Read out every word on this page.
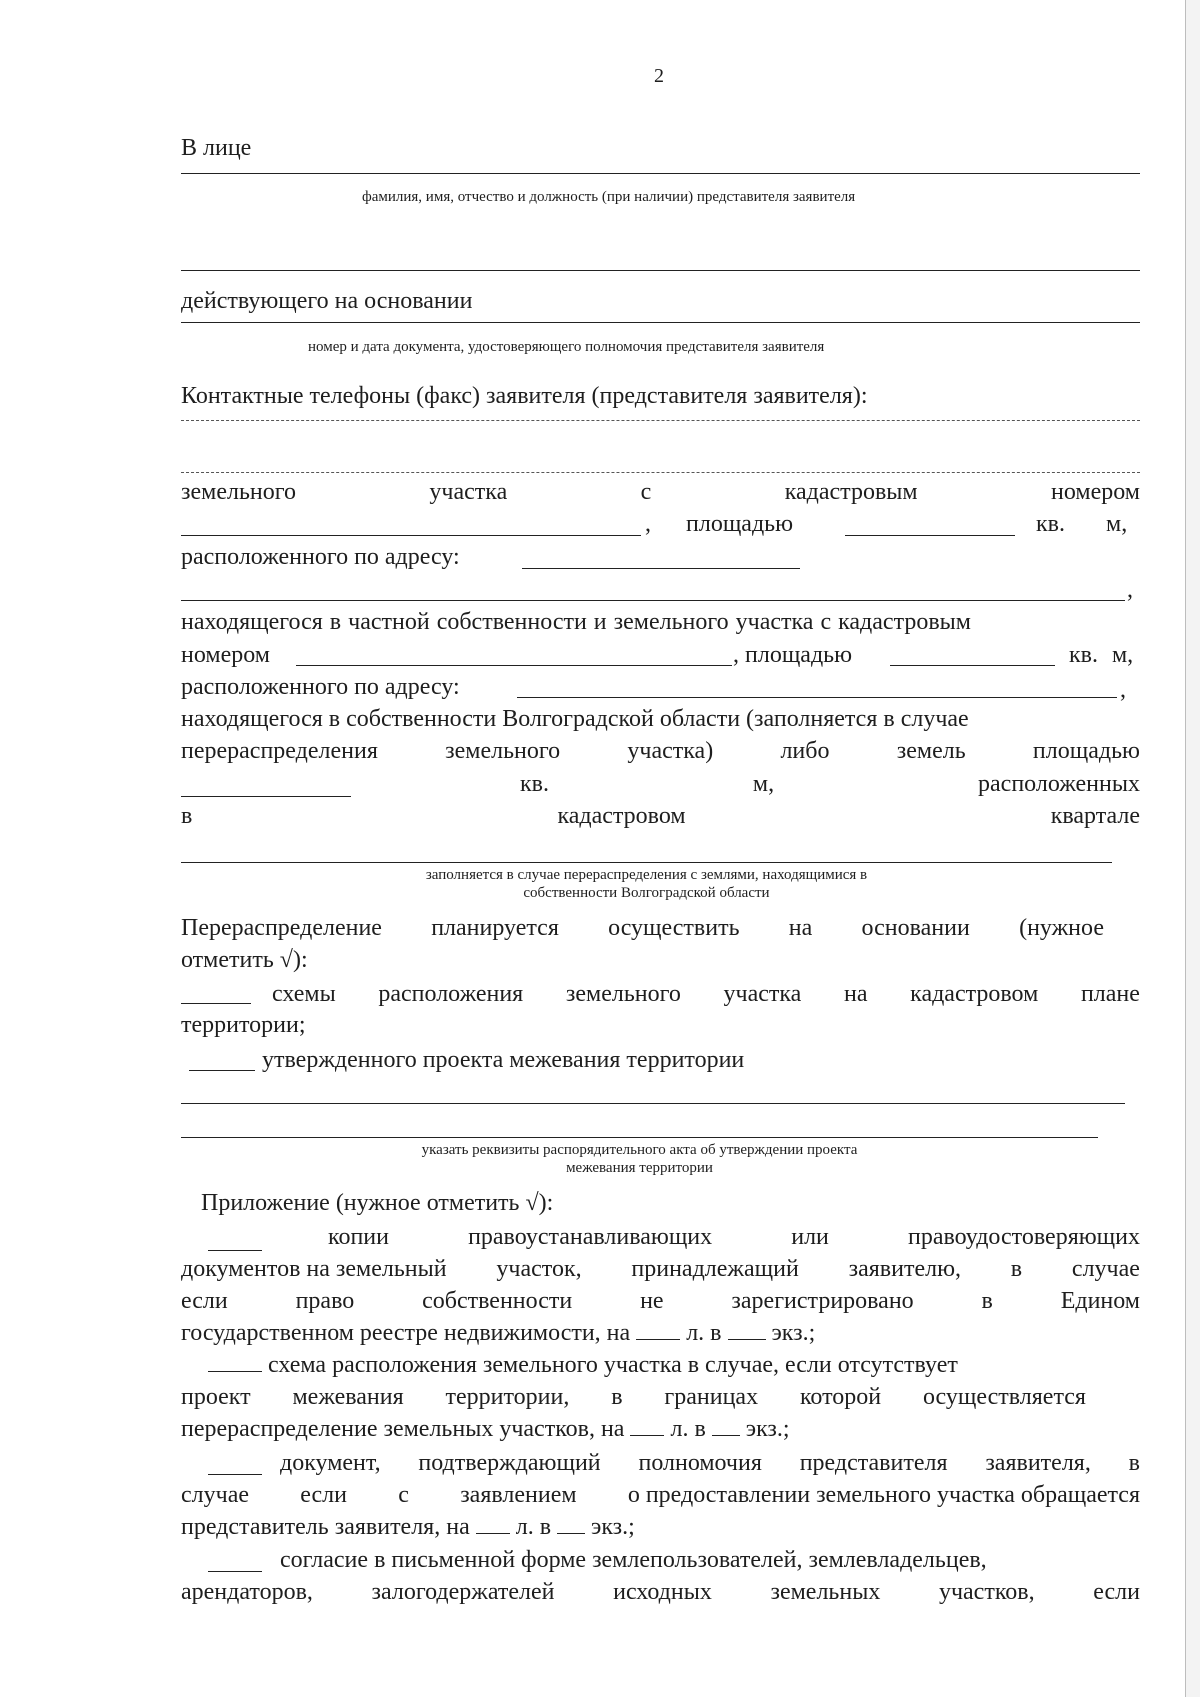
2
В лице
фамилия, имя, отчество и должность (при наличии) представителя заявителя
действующего на основании
номер и дата документа, удостоверяющего полномочия представителя заявителя
Контактные телефоны (факс) заявителя (представителя заявителя):
земельного	участка	с	кадастровым	номером
, площадью	кв. м,
расположенного по адресу:
,
находящегося в частной собственности и земельного участка с кадастровым
номером	, площадью	кв. м,
расположенного по адресу:	,
находящегося в собственности Волгоградской области (заполняется в случае
перераспределения	земельного	участка)	либо	земель	площадью
кв.	м,	расположенных
в	кадастровом	квартале
заполняется в случае перераспределения с землями, находящимися в
собственности Волгоградской области
Перераспределение планируется осуществить на основании (нужное
отметить √):
схемы расположения земельного участка на кадастровом плане
территории;
утвержденного проекта межевания территории
указать реквизиты распорядительного акта об утверждении проекта
межевания территории
Приложение (нужное отметить √):
копии	правоустанавливающих	или	правоудостоверяющих
документов на земельный участок, принадлежащий заявителю, в случае
если	право	собственности	не	зарегистрировано	в	Едином
государственном реестре недвижимости, на л. в экз.;
схема расположения земельного участка в случае, если отсутствует
проект межевания территории, в границах которой осуществляется
перераспределение земельных участков, на л. в экз.;
документ, подтверждающий полномочия представителя заявителя, в
случае если с заявлением о предоставлении земельного участка обращается
представитель заявителя, на л. в экз.;
согласие в письменной форме землепользователей, землевладельцев,
арендаторов, залогодержателей исходных земельных участков, если
